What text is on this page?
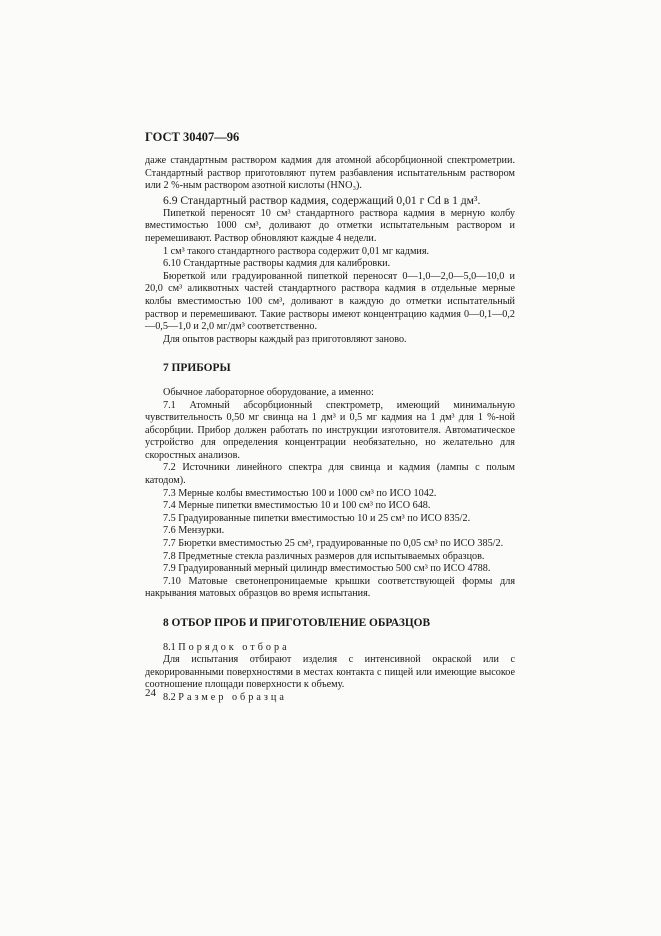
ГОСТ 30407—96

даже стандартным раствором кадмия для атомной абсорбционной спектрометрии. Стандартный раствор приготовляют путем разбавления испытательным раствором или 2 %-ным раствором азотной кислоты (HNO₃).

6.9 Стандартный раствор кадмия, содержащий 0,01 г Cd в 1 дм³.

Пипеткой переносят 10 см³ стандартного раствора кадмия в мерную колбу вместимостью 1000 см³, доливают до отметки испытательным раствором и перемешивают. Раствор обновляют каждые 4 недели.

1 см³ такого стандартного раствора содержит 0,01 мг кадмия.

6.10 Стандартные растворы кадмия для калибровки.

Бюреткой или градуированной пипеткой переносят 0—1,0—2,0—5,0—10,0 и 20,0 см³ аликвотных частей стандартного раствора кадмия в отдельные мерные колбы вместимостью 100 см³, доливают в каждую до отметки испытательный раствор и перемешивают. Такие растворы имеют концентрацию кадмия 0—0,1—0,2—0,5—1,0 и 2,0 мг/дм³ соответственно.

Для опытов растворы каждый раз приготовляют заново.

7 ПРИБОРЫ

Обычное лабораторное оборудование, а именно:

7.1 Атомный абсорбционный спектрометр, имеющий минимальную чувствительность 0,50 мг свинца на 1 дм³ и 0,5 мг кадмия на 1 дм³ для 1 %-ной абсорбции. Прибор должен работать по инструкции изготовителя. Автоматическое устройство для определения концентрации необязательно, но желательно для скоростных анализов.

7.2 Источники линейного спектра для свинца и кадмия (лампы с полым катодом).

7.3 Мерные колбы вместимостью 100 и 1000 см³ по ИСО 1042.

7.4 Мерные пипетки вместимостью 10 и 100 см³ по ИСО 648.

7.5 Градуированные пипетки вместимостью 10 и 25 см³ по ИСО 835/2.

7.6 Мензурки.

7.7 Бюретки вместимостью 25 см³, градуированные по 0,05 см³ по ИСО 385/2.

7.8 Предметные стекла различных размеров для испытываемых образцов.

7.9 Градуированный мерный цилиндр вместимостью 500 см³ по ИСО 4788.

7.10 Матовые светонепроницаемые крышки соответствующей формы для накрывания матовых образцов во время испытания.

8 ОТБОР ПРОБ И ПРИГОТОВЛЕНИЕ ОБРАЗЦОВ

8.1 Порядок отбора

Для испытания отбирают изделия с интенсивной окраской или с декорированными поверхностями в местах контакта с пищей или имеющие высокое соотношение площади поверхности к объему.

8.2 Размер образца

24
